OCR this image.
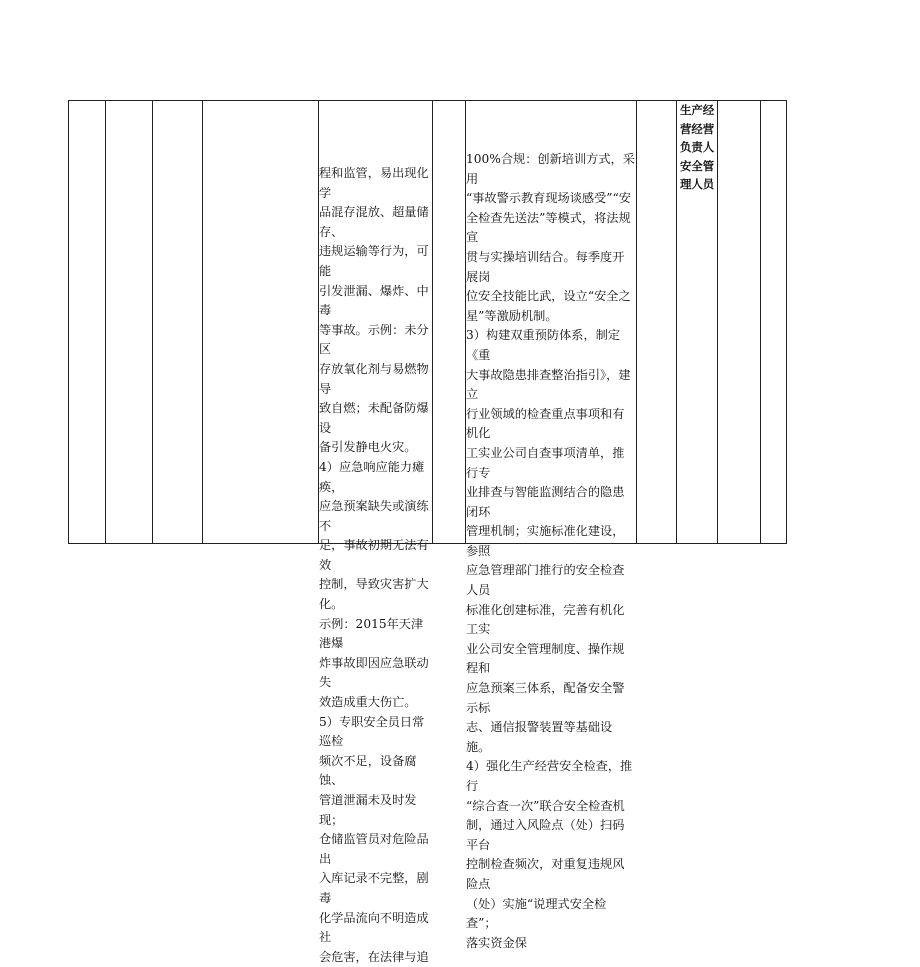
程和监管，易出现化学
品混存混放、超量储存、
违规运输等行为，可能
引发泄漏、爆炸、中毒
等事故。示例：未分区
存放氧化剂与易燃物导
致自燃；未配备防爆设
备引发静电火灾。
4）应急响应能力瘫痪，
应急预案缺失或演练不
足，事故初期无法有效
控制，导致灾害扩大化。
示例：2015年天津港爆
炸事故即因应急联动失
效造成重大伤亡。
5）专职安全员日常巡检
频次不足，设备腐蚀、
管道泄漏未及时发现；
仓储监管员对危险品出
入库记录不完整，剧毒
化学品流向不明造成社
会危害，在法律与追
100%合规：创新培训方式，采用
“事故警示教育现场谈感受”“安
全检查先送法”等模式，将法规宣
贯与实操培训结合。每季度开展岗
位安全技能比武，设立“安全之
星”等激励机制。
3）构建双重预防体系，制定《重
大事故隐患排查整治指引》，建立
行业领域的检查重点事项和有机化
工实业公司自查事项清单，推行专
业排查与智能监测结合的隐患闭环
管理机制；实施标准化建设，参照
应急管理部门推行的安全检查人员
标准化创建标准，完善有机化工实
业公司安全管理制度、操作规程和
应急预案三体系，配备安全警示标
志、通信报警装置等基础设施。
4）强化生产经营安全检查，推行
“综合查一次”联合安全检查机
制，通过入风险点（处）扫码平台
控制检查频次，对重复违规风险点
（处）实施“说理式安全检查”；
落实资金保
生产经
营经营
负责人
安全管
理人员
